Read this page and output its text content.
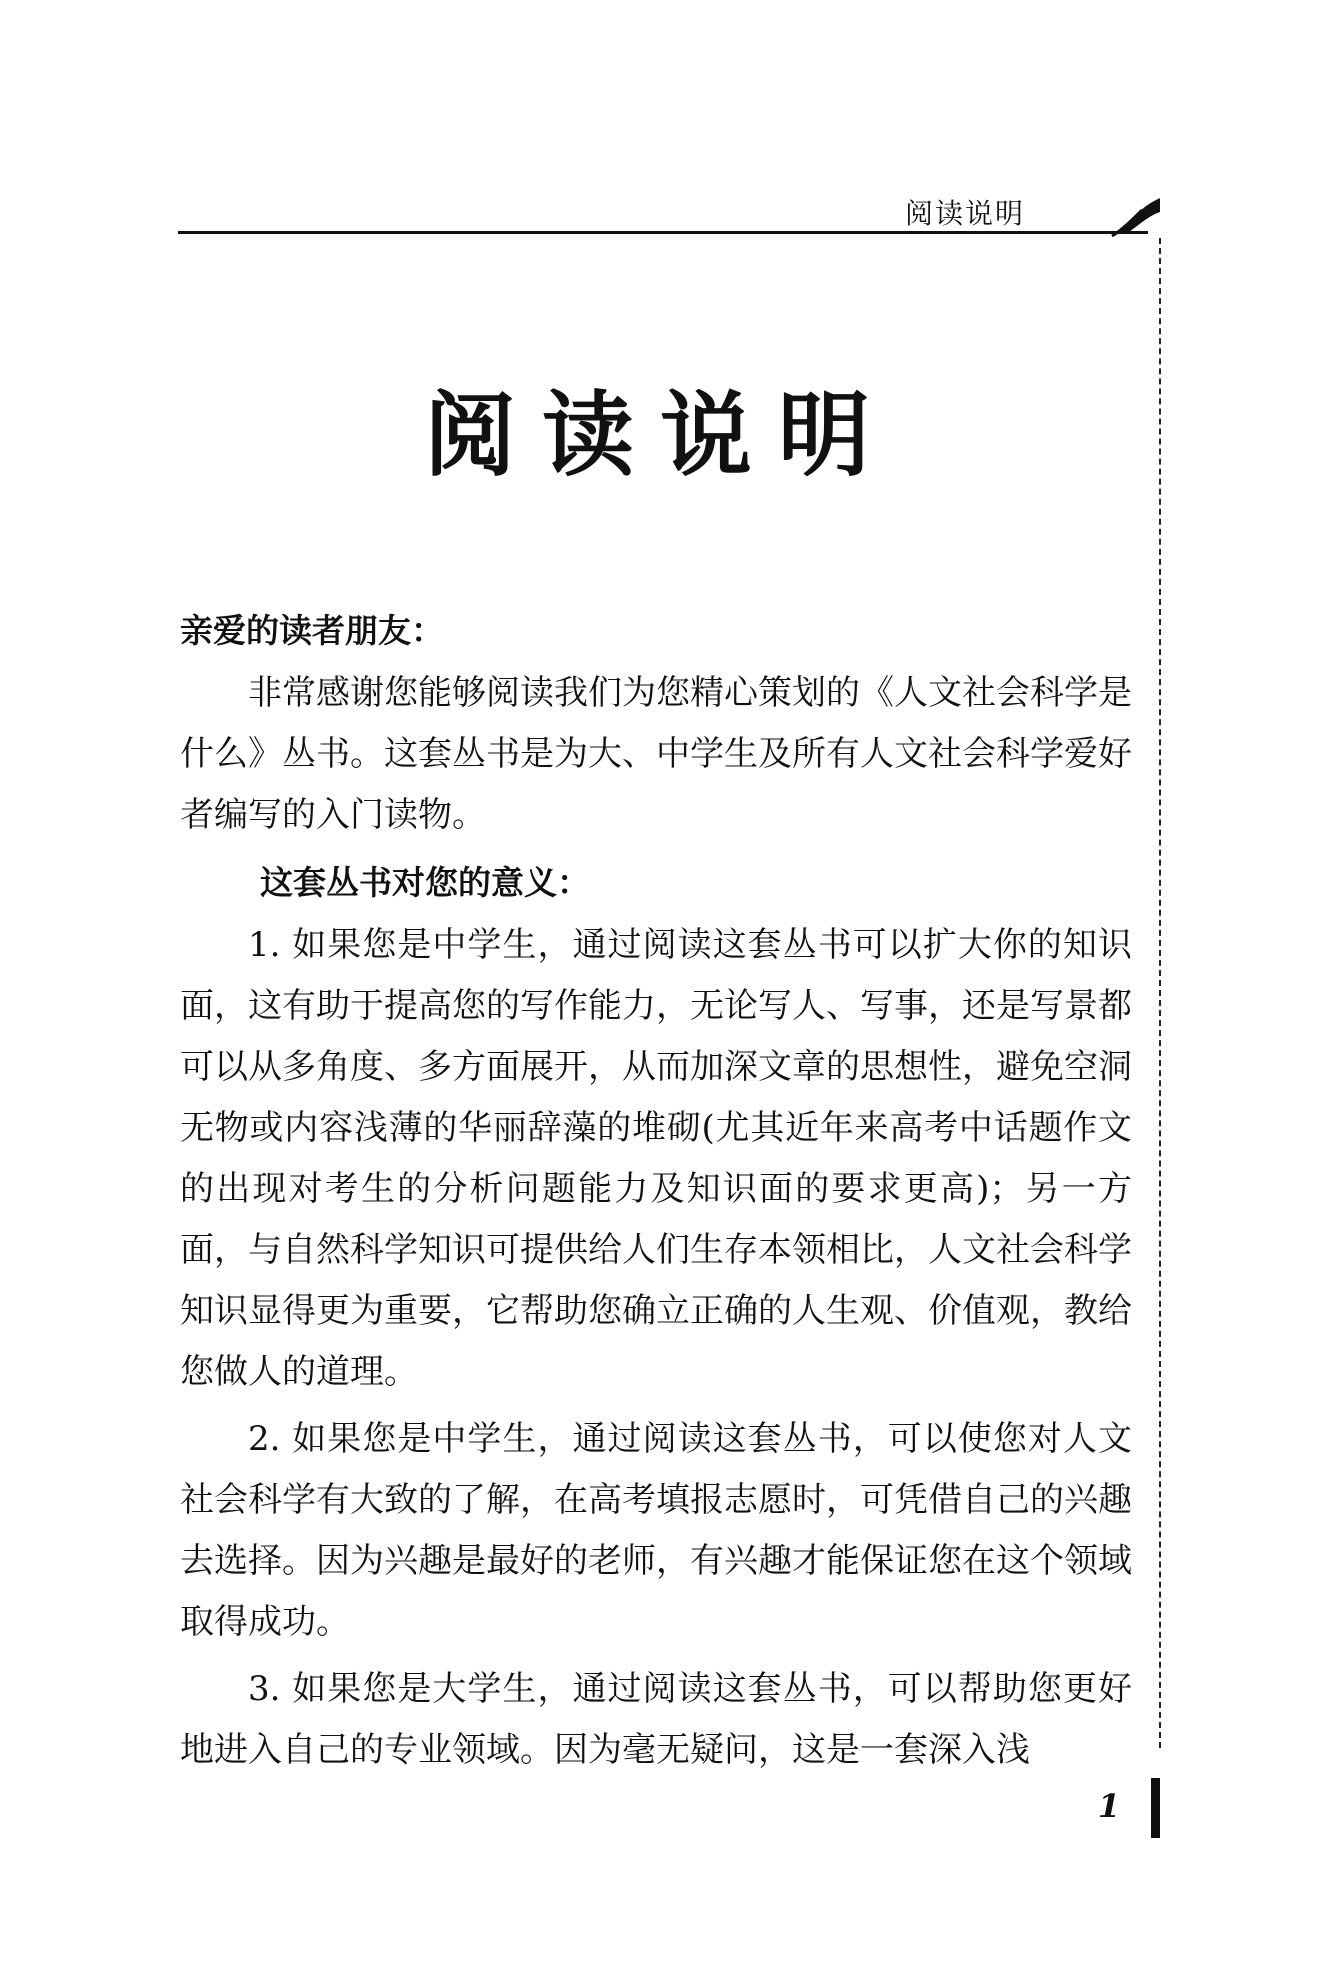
阅读说明
阅读说明
亲爱的读者朋友：

非常感谢您能够阅读我们为您精心策划的《人文社会科学是什么》丛书。这套丛书是为大、中学生及所有人文社会科学爱好者编写的入门读物。

这套丛书对您的意义：

1. 如果您是中学生，通过阅读这套丛书可以扩大你的知识面，这有助于提高您的写作能力，无论写人、写事，还是写景都可以从多角度、多方面展开，从而加深文章的思想性，避免空洞无物或内容浅薄的华丽辞藻的堆砌(尤其近年来高考中话题作文的出现对考生的分析问题能力及知识面的要求更高)；另一方面，与自然科学知识可提供给人们生存本领相比，人文社会科学知识显得更为重要，它帮助您确立正确的人生观、价值观，教给您做人的道理。

2. 如果您是中学生，通过阅读这套丛书，可以使您对人文社会科学有大致的了解，在高考填报志愿时，可凭借自己的兴趣去选择。因为兴趣是最好的老师，有兴趣才能保证您在这个领域取得成功。

3. 如果您是大学生，通过阅读这套丛书，可以帮助您更好地进入自己的专业领域。因为毫无疑问，这是一套深入浅

1
